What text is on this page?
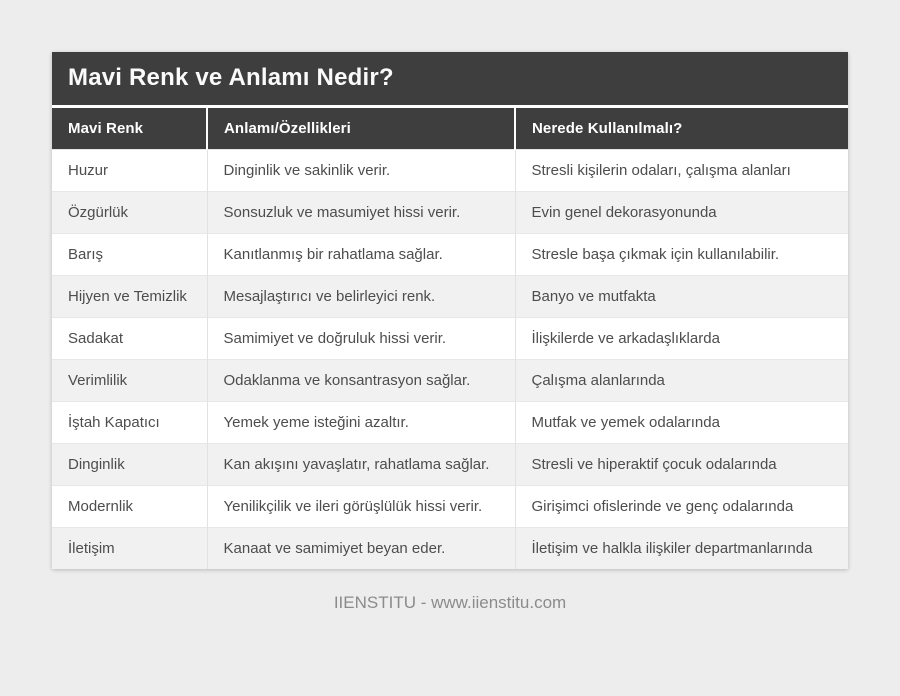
Mavi Renk ve Anlamı Nedir?
Mavi Renk	Anlamı/Özellikleri	Nerede Kullanılmalı?
Huzur	Dinginlik ve sakinlik verir.	Stresli kişilerin odaları, çalışma alanları
Özgürlük	Sonsuzluk ve masumiyet hissi verir.	Evin genel dekorasyonunda
Barış	Kanıtlanmış bir rahatlama sağlar.	Stresle başa çıkmak için kullanılabilir.
Hijyen ve Temizlik	Mesajlaştırıcı ve belirleyici renk.	Banyo ve mutfakta
Sadakat	Samimiyet ve doğruluk hissi verir.	İlişkilerde ve arkadaşlıklarda
Verimlilik	Odaklanma ve konsantrasyon sağlar.	Çalışma alanlarında
İştah Kapatıcı	Yemek yeme isteğini azaltır.	Mutfak ve yemek odalarında
Dinginlik	Kan akışını yavaşlatır, rahatlama sağlar.	Stresli ve hiperaktif çocuk odalarında
Modernlik	Yenilikçilik ve ileri görüşlülük hissi verir.	Girişimci ofislerinde ve genç odalarında
İletişim	Kanaat ve samimiyet beyan eder.	İletişim ve halkla ilişkiler departmanlarında
IIENSTITU - www.iienstitu.com
